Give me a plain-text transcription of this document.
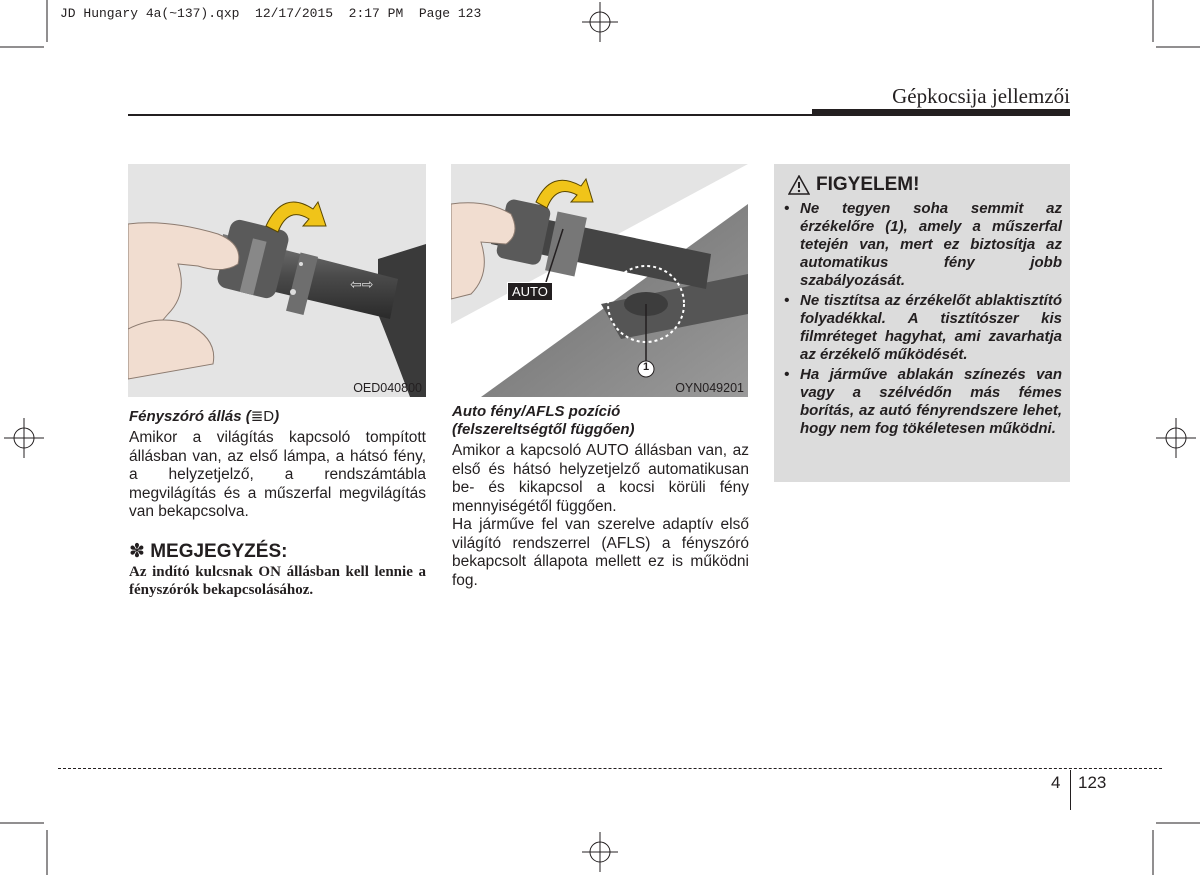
JD Hungary 4a(~137).qxp  12/17/2015  2:17 PM  Page 123
Gépkocsija jellemzői
⇦⇨
OED040800
AUTO
1
OYN049201
Fényszóró állás (≣D)
Amikor a világítás kapcsoló tompított állásban van, az első lámpa, a hátsó fény, a helyzetjelző, a rendszámtábla megvilágítás és a műszerfal megvilágítás van bekapcsolva.
✽ MEGJEGYZÉS:
Az indító kulcsnak ON állásban kell lennie a fényszórók bekapcsolásához.
Auto fény/AFLS pozíció
(felszereltségtől függően)
Amikor a kapcsoló AUTO állásban van, az első és hátsó helyzetjelző automatikusan be- és kikapcsol a kocsi körüli fény mennyiségétől függően.
Ha járműve fel van szerelve adaptív első világító rendszerrel (AFLS) a fényszóró bekapcsolt állapota mellett ez is működni fog.
FIGYELEM!
• Ne tegyen soha semmit az érzékelőre (1), amely a műszerfal tetején van, mert ez biztosítja az automatikus fény jobb szabályozását.
• Ne tisztítsa az érzékelőt ablaktisztító folyadékkal. A tisztítószer kis filmréteget hagyhat, ami zavarhatja az érzékelő működését.
• Ha járműve ablakán színezés van vagy a szélvédőn más fémes borítás, az autó fényrendszere lehet, hogy nem fog tökéletesen működni.
4 123
